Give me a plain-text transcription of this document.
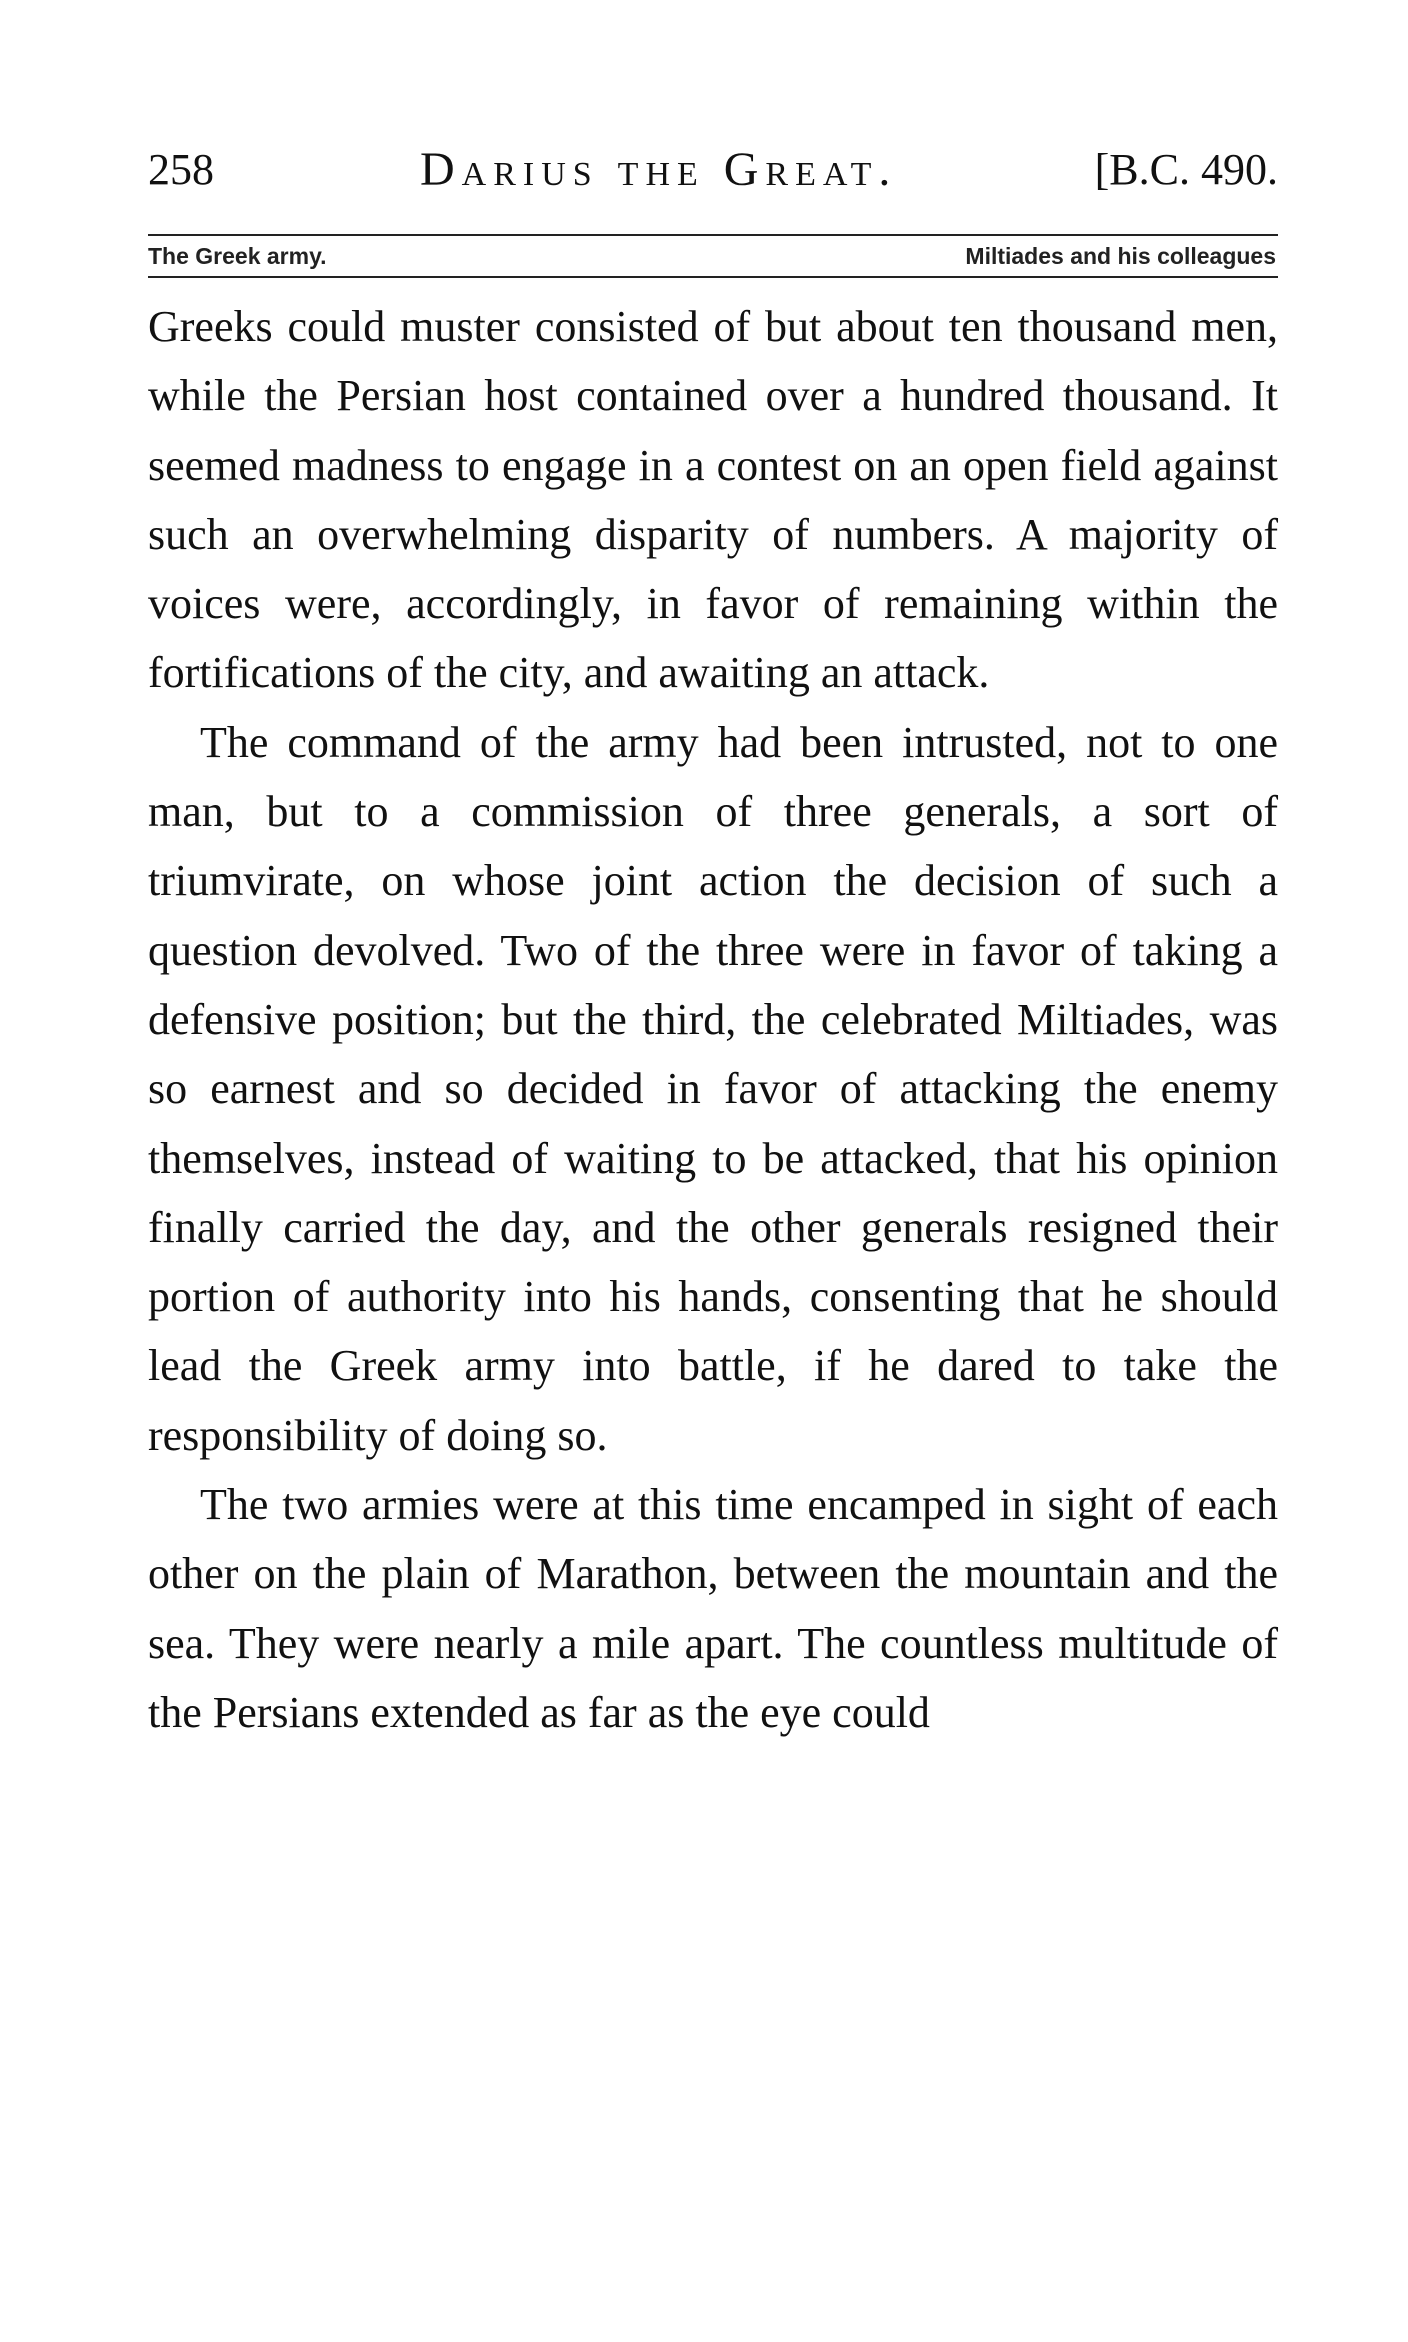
258	Darius the Great.	[B.C. 490.
The Greek army.	Miltiades and his colleagues

Greeks could muster consisted of but about ten thousand men, while the Persian host contained over a hundred thousand. It seemed madness to engage in a contest on an open field against such an overwhelming disparity of numbers. A majority of voices were, accordingly, in favor of remaining within the fortifications of the city, and awaiting an attack.

The command of the army had been intrusted, not to one man, but to a commission of three generals, a sort of triumvirate, on whose joint action the decision of such a question devolved. Two of the three were in favor of taking a defensive position; but the third, the celebrated Miltiades, was so earnest and so decided in favor of attacking the enemy themselves, instead of waiting to be attacked, that his opinion finally carried the day, and the other generals resigned their portion of authority into his hands, consenting that he should lead the Greek army into battle, if he dared to take the responsibility of doing so.

The two armies were at this time encamped in sight of each other on the plain of Marathon, between the mountain and the sea. They were nearly a mile apart. The countless multitude of the Persians extended as far as the eye could
